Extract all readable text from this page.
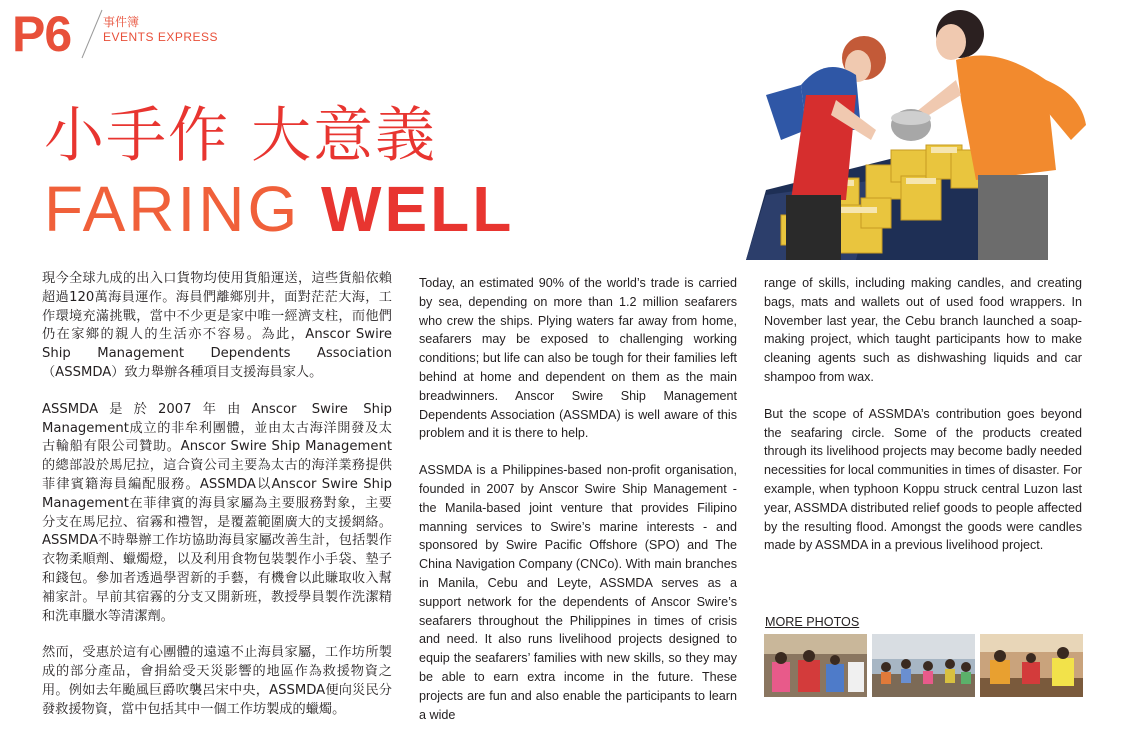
P6	事件簿
EVENTS EXPRESS
小手作 大意義
FARING WELL

現今全球九成的出入口貨物均使用貨船運送，這些貨船依賴超過120萬海員運作。海員們離鄉別井，面對茫茫大海，工作環境充滿挑戰，當中不少更是家中唯一經濟支柱，而他們仍在家鄉的親人的生活亦不容易。為此，Anscor Swire Ship Management Dependents Association（ASSMDA）致力舉辦各種項目支援海員家人。

ASSMDA是於2007年由Anscor Swire Ship Management成立的非牟利團體，並由太古海洋開發及太古輪船有限公司贊助。Anscor Swire Ship Management的總部設於馬尼拉，這合資公司主要為太古的海洋業務提供菲律賓籍海員編配服務。ASSMDA以Anscor Swire Ship Management在菲律賓的海員家屬為主要服務對象，主要分支在馬尼拉、宿霧和禮智，是覆蓋範圍廣大的支援網絡。ASSMDA不時舉辦工作坊協助海員家屬改善生計，包括製作衣物柔順劑、蠟燭燈，以及利用食物包裝製作小手袋、墊子和錢包。參加者透過學習新的手藝，有機會以此賺取收入幫補家計。早前其宿霧的分支又開新班，教授學員製作洗潔精和洗車臘水等清潔劑。

然而，受惠於這有心團體的遠遠不止海員家屬，工作坊所製成的部分產品，會捐給受天災影響的地區作為救援物資之用。例如去年颱風巨爵吹襲呂宋中央，ASSMDA便向災民分發救援物資，當中包括其中一個工作坊製成的蠟燭。

Today, an estimated 90% of the world’s trade is carried by sea, depending on more than 1.2 million seafarers who crew the ships. Plying waters far away from home, seafarers may be exposed to challenging working conditions; but life can also be tough for their families left behind at home and dependent on them as the main breadwinners. Anscor Swire Ship Management Dependents Association (ASSMDA) is well aware of this problem and it is there to help.

ASSMDA is a Philippines-based non-profit organisation, founded in 2007 by Anscor Swire Ship Management - the Manila-based joint venture that provides Filipino manning services to Swire’s marine interests - and sponsored by Swire Pacific Offshore (SPO) and The China Navigation Company (CNCo). With main branches in Manila, Cebu and Leyte, ASSMDA serves as a support network for the dependents of Anscor Swire’s seafarers throughout the Philippines in times of crisis and need. It also runs livelihood projects designed to equip the seafarers’ families with new skills, so they may be able to earn extra income in the future. These projects are fun and also enable the participants to learn a wide

range of skills, including making candles, and creating bags, mats and wallets out of used food wrappers. In November last year, the Cebu branch launched a soap-making project, which taught participants how to make cleaning agents such as dishwashing liquids and car shampoo from wax.

But the scope of ASSMDA’s contribution goes beyond the seafaring circle. Some of the products created through its livelihood projects may become badly needed necessities for local communities in times of disaster. For example, when typhoon Koppu struck central Luzon last year, ASSMDA distributed relief goods to people affected by the resulting flood. Amongst the goods were candles made by ASSMDA in a previous livelihood project.

MORE PHOTOS
